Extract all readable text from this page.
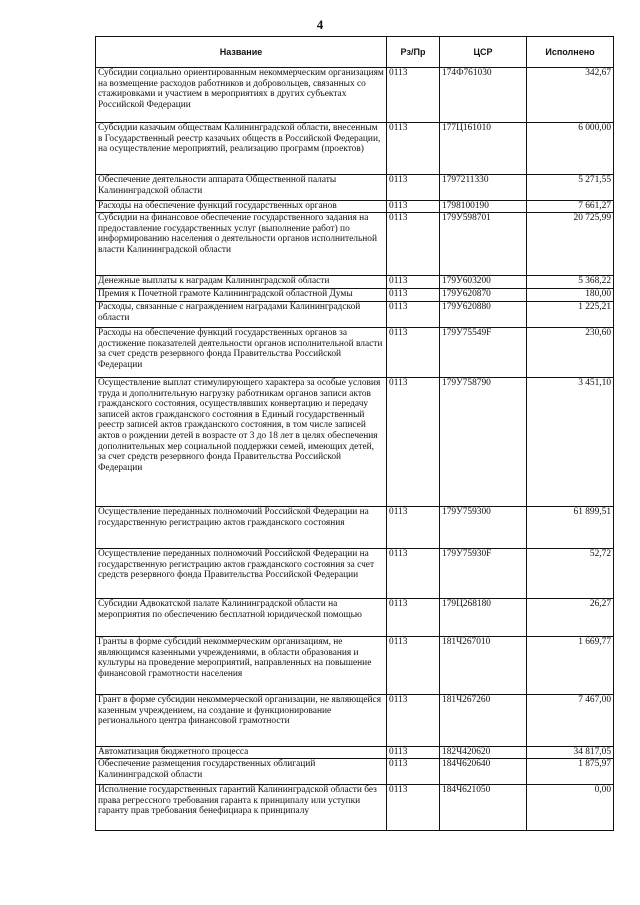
4
Название	Рз/Пр	ЦСР	Исполнено
Субсидии социально ориентированным некоммерческим организациям на возмещение расходов работников и добровольцев, связанных со стажировками и участием в мероприятиях в других субъектах Российской Федерации	0113	174Ф761030	342,67
Субсидии казачьим обществам Калининградской области, внесенным в Государственный реестр казачьих обществ в Российской Федерации, на осуществление мероприятий, реализацию программ (проектов)	0113	177Ц161010	6 000,00
Обеспечение деятельности аппарата Общественной палаты Калининградской области	0113	1797211330	5 271,55
Расходы на обеспечение функций государственных органов	0113	1798100190	7 661,27
Субсидии на финансовое обеспечение государственного задания на предоставление государственных услуг (выполнение работ) по информированию населения о деятельности органов исполнительной власти Калининградской области	0113	179У598701	20 725,99
Денежные выплаты к наградам Калининградской области	0113	179У603200	5 368,22
Премия к Почетной грамоте Калининградской областной Думы	0113	179У620870	180,00
Расходы, связанные с награждением наградами Калининградской области	0113	179У620880	1 225,21
Расходы на обеспечение функций государственных органов за достижение показателей деятельности органов исполнительной власти за счет средств резервного фонда Правительства Российской Федерации	0113	179У75549F	230,60
Осуществление выплат стимулирующего характера за особые условия труда и дополнительную нагрузку работникам органов записи актов гражданского состояния, осуществлявших конвертацию и передачу записей актов гражданского состояния в Единый государственный реестр записей актов гражданского состояния, в том числе записей актов о рождении детей в возрасте от 3 до 18 лет в целях обеспечения дополнительных мер социальной поддержки семей, имеющих детей, за счет средств резервного фонда Правительства Российской Федерации	0113	179У758790	3 451,10
Осуществление переданных полномочий Российской Федерации на государственную регистрацию актов гражданского состояния	0113	179У759300	61 899,51
Осуществление переданных полномочий Российской Федерации на государственную регистрацию актов гражданского состояния за счет средств резервного фонда Правительства Российской Федерации	0113	179У75930F	52,72
Субсидии Адвокатской палате Калининградской области на мероприятия по обеспечению бесплатной юридической помощью	0113	179Ц268180	26,27
Гранты в форме субсидий некоммерческим организациям, не являющимся казенными учреждениями, в области образования и культуры на проведение мероприятий, направленных на повышение финансовой грамотности населения	0113	181Ч267010	1 669,77
Грант в форме субсидии некоммерческой организации, не являющейся казенным учреждением, на создание и функционирование регионального центра финансовой грамотности	0113	181Ч267260	7 467,00
Автоматизация бюджетного процесса	0113	182Ч420620	34 817,05
Обеспечение размещения государственных облигаций Калининградской области	0113	184Ч620640	1 875,97
Исполнение государственных гарантий Калининградской области без права регрессного требования гаранта к принципалу или уступки гаранту прав требования бенефициара к принципалу	0113	184Ч621050	0,00
